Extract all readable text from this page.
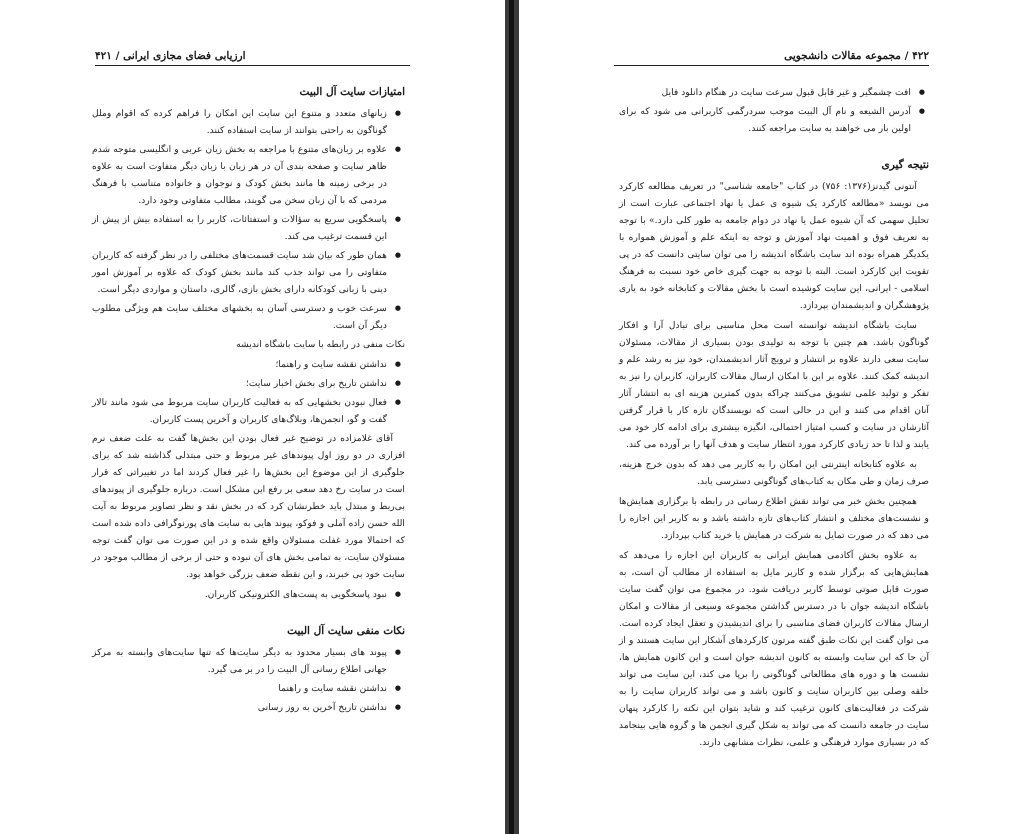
ارزیابی فضای مجازی ایرانی / ۴۲۱
امتیازات سایت آل البیت
● زبانهای متعدد و متنوع این سایت این امکان را فراهم کرده که اقوام وملل گوناگون به راحتی بتوانند از سایت استفاده کنند.
● علاوه بر زبان‌های متنوع با مراجعه به بخش زبان عربی و انگلیسی متوجه شدم ظاهر سایت و صفحه بندی آن در هر زبان با زبان دیگر متفاوت است به علاوه در برخی زمینه ها مانند بخش کودک و نوجوان و خانواده متناسب با فرهنگ مردمی که با آن زبان سخن می گویند، مطالب متفاوتی وجود دارد.
● پاسخگویی سریع به سؤالات و استفتائات، کاربر را به استفاده بیش از پیش از این قسمت ترغیب می کند.
● همان طور که بیان شد سایت قسمت‌های مختلفی را در نظر گرفته که کاربران متفاوتی را می تواند جذب کند مانند بخش کودک که علاوه بر آموزش امور دینی با زبانی کودکانه دارای بخش بازی، گالری، داستان و مواردی دیگر است.
● سرعت خوب و دسترسی آسان به بخشهای مختلف سایت هم ویژگی مطلوب دیگر آن است.

نکات منفی در رابطه با سایت باشگاه اندیشه

● نداشتن نقشه سایت و راهنما؛
● نداشتن تاریخ برای بخش اخبار سایت؛
● فعال نبودن بخشهایی که به فعالیت کاربران سایت مربوط می شود مانند تالار گفت و گو، انجمن‌ها، وبلاگ‌های کاربران و آخرین پست کاربران.

آقای غلامزاده در توضیح غیر فعال بودن این بخش‌ها گفت به علت ضعف نرم افزاری در دو روز اول پیوندهای غیر مربوط و حتی مبتذلی گذاشته شد که برای جلوگیری از این موضوع این بخش‌ها را غیر فعال کردند اما در تغییراتی که قرار است در سایت رخ دهد سعی بر رفع این مشکل است. درباره جلوگیری از پیوندهای بی‌ربط و مبتذل باید خطرنشان کرد که در بخش نقد و نظر تصاویر مربوط به آیت الله حسن زاده آملی و فوکو، پیوند هایی به سایت های پورنوگرافی داده شده است که احتمالا مورد غفلت مسئولان واقع شده و در این صورت می توان گفت توجه مسئولان سایت، به تمامی بخش های آن نبوده و حتی از برخی از مطالب موجود در سایت خود بی خبرند، و این نقطه ضعف بزرگی خواهد بود.

● نبود پاسخگویی به پست‌های الکترونیکی کاربران.
نکات منفی سایت آل البیت
● پیوند های بسیار محدود به دیگر سایت‌ها که تنها سایت‌های وابسته به مرکز جهانی اطلاع رسانی آل البیت را در بر می گیرد.
● نداشتن نقشه سایت و راهنما
● نداشتن تاریخ آخرین به روز رسانی
۴۲۲ / مجموعه مقالات دانشجویی
● افت چشمگیر و غیر قابل قبول سرعت سایت در هنگام دانلود فایل
● آدرس الشیعه و نام آل البیت موجب سردرگمی کاربرانی می شود که برای اولین بار می خواهند به سایت مراجعه کنند.
نتیجه گیری

آنتونی گیدنز(۱۳۷۶: ۷۵۶) در کتاب "جامعه شناسی" در تعریف مطالعه کارکرد می نویسد «مطالعه کارکرد یک شیوه ی عمل یا نهاد اجتماعی عبارت است از تحلیل سهمی که آن شیوه عمل یا نهاد در دوام جامعه به طور کلی دارد.» با توجه به تعریف فوق و اهمیت نهاد آموزش و توجه به اینکه علم و آموزش همواره با یکدیگر همراه بوده اند سایت باشگاه اندیشه را می توان سایتی دانست که در پی تقویت این کارکرد است. البته با توجه به جهت گیری خاص خود نسبت به فرهنگ اسلامی - ایرانی، این سایت کوشیده است با بخش مقالات و کتابخانه خود به یاری پژوهشگران و اندیشمندان بپردازد.

سایت باشگاه اندیشه توانسته است محل مناسبی برای تبادل آرا و افکار گوناگون باشد. هم چنین با توجه به تولیدی بودن بسیاری از مقالات، مسئولان سایت سعی دارند علاوه بر انتشار و ترویج آثار اندیشمندان، خود نیز به رشد علم و اندیشه کمک کنند. علاوه بر این با امکان ارسال مقالات کاربران، کاربران را نیز به تفکر و تولید علمی تشویق می‌کنند چراکه بدون کمترین هزینه ای به انتشار آثار آنان اقدام می کنند و این در حالی است که نویسندگان تازه کار با قرار گرفتن آثارشان در سایت و کسب امتیاز احتمالی، انگیزه بیشتری برای ادامه کار خود می یابند و لذا تا حد زیادی کارکرد مورد انتظار سایت و هدف آنها را بر آورده می کند.

به علاوه کتابخانه اینترنتی این امکان را به کاربر می دهد که بدون خرج هزینه، صرف زمان و طی مکان به کتاب‌های گوناگونی دسترسی یابد.

همچنین بخش خبر می تواند نقش اطلاع رسانی در رابطه با برگزاری همایش‌ها و نشست‌های مختلف و انتشار کتاب‌های تازه داشته باشد و به کاربر این اجازه را می دهد که در صورت تمایل به شرکت در همایش یا خرید کتاب بپردازد.

به علاوه بخش آکادمی همایش ایرانی به کاربران این اجازه را می‌دهد که همایش‌هایی که برگزار شده و کاربر مایل به استفاده از مطالب آن است، به صورت قابل صوتی توسط کاربر دریافت شود. در مجموع می توان گفت سایت باشگاه اندیشه جوان با در دسترس گذاشتن مجموعه وسیعی از مقالات و امکان ارسال مقالات کاربران فضای مناسبی را برای اندیشیدن و تعقل ایجاد کرده است. می توان گفت این نکات طبق گفته مرتون کارکردهای آشکار این سایت هستند و از آن جا که این سایت وابسته به کانون اندیشه جوان است و این کانون همایش ها، نشست ها و دوره های مطالعاتی گوناگونی را برپا می کند، این سایت می تواند حلقه وصلی بین کاربران سایت و کانون باشد و می تواند کاربران سایت را به شرکت در فعالیت‌های کانون ترغیب کند و شاید بتوان این نکته را کارکرد پنهان سایت در جامعه دانست که می تواند به شکل گیری انجمن ها و گروه هایی بینجامد که در بسیاری موارد فرهنگی و علمی، نظرات مشابهی دارند.
